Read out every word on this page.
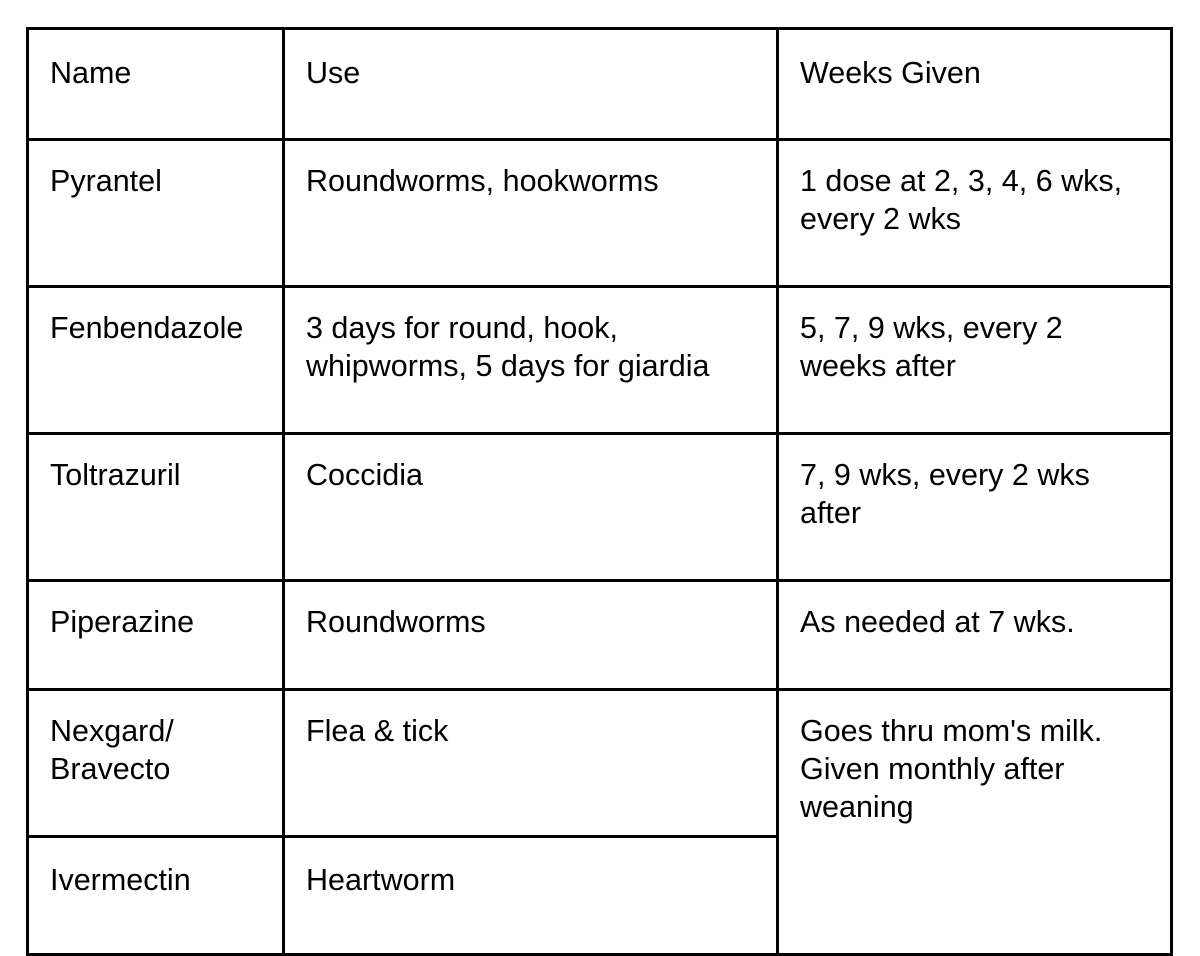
Name	Use	Weeks Given
Pyrantel	Roundworms, hookworms	1 dose at 2, 3, 4, 6 wks, every 2 wks
Fenbendazole	3 days for round, hook, whipworms, 5 days for giardia	5, 7, 9 wks, every 2 weeks after
Toltrazuril	Coccidia	7, 9 wks, every 2 wks after
Piperazine	Roundworms	As needed at 7 wks.
Nexgard/ Bravecto	Flea & tick	Goes thru mom's milk. Given monthly after weaning
Ivermectin	Heartworm	
